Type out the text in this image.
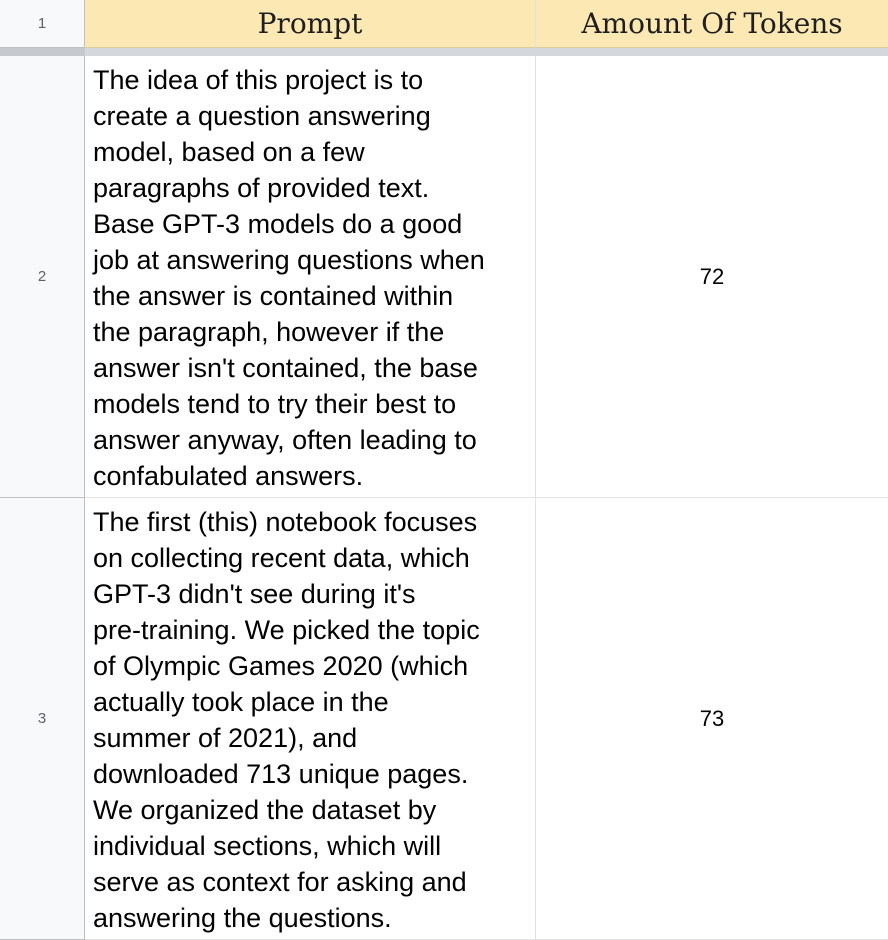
1	Prompt	Amount Of Tokens
2
The idea of this project is to
create a question answering
model, based on a few
paragraphs of provided text.
Base GPT-3 models do a good
job at answering questions when
the answer is contained within
the paragraph, however if the
answer isn't contained, the base
models tend to try their best to
answer anyway, often leading to
confabulated answers.
72
3
The first (this) notebook focuses
on collecting recent data, which
GPT-3 didn't see during it's
pre-training. We picked the topic
of Olympic Games 2020 (which
actually took place in the
summer of 2021), and
downloaded 713 unique pages.
We organized the dataset by
individual sections, which will
serve as context for asking and
answering the questions.
73
